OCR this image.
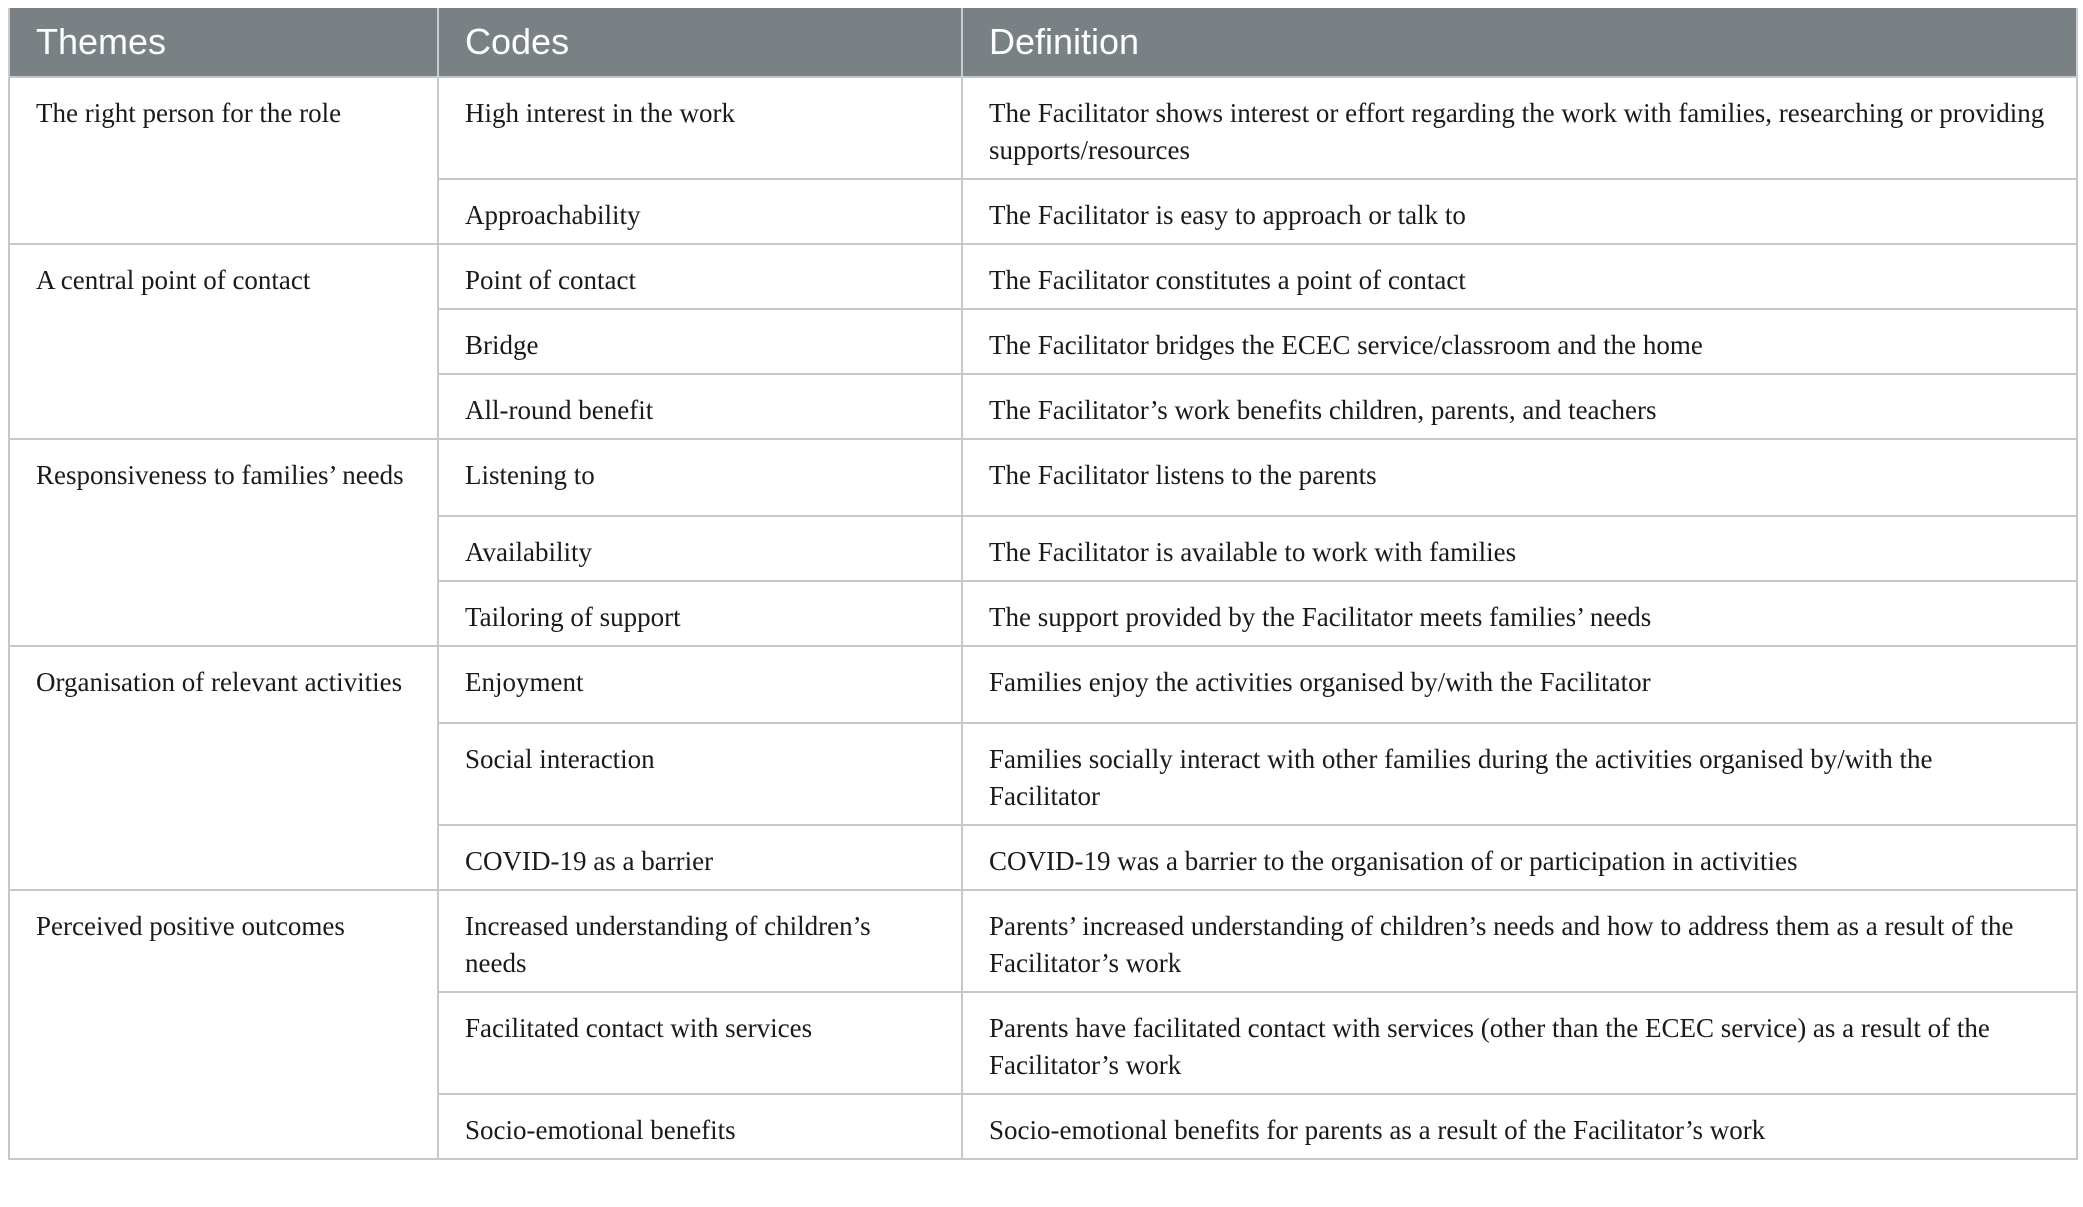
Themes	Codes	Definition
The right person for the role	High interest in the work	The Facilitator shows interest or effort regarding the work with families, researching or providing supports/resources
	Approachability	The Facilitator is easy to approach or talk to
A central point of contact	Point of contact	The Facilitator constitutes a point of contact
	Bridge	The Facilitator bridges the ECEC service/classroom and the home
	All-round benefit	The Facilitator’s work benefits children, parents, and teachers
Responsiveness to families’ needs	Listening to	The Facilitator listens to the parents
	Availability	The Facilitator is available to work with families
	Tailoring of support	The support provided by the Facilitator meets families’ needs
Organisation of relevant activities	Enjoyment	Families enjoy the activities organised by/with the Facilitator
	Social interaction	Families socially interact with other families during the activities organised by/with the Facilitator
	COVID-19 as a barrier	COVID-19 was a barrier to the organisation of or participation in activities
Perceived positive outcomes	Increased understanding of children’s needs	Parents’ increased understanding of children’s needs and how to address them as a result of the Facilitator’s work
	Facilitated contact with services	Parents have facilitated contact with services (other than the ECEC service) as a result of the Facilitator’s work
	Socio-emotional benefits	Socio-emotional benefits for parents as a result of the Facilitator’s work
